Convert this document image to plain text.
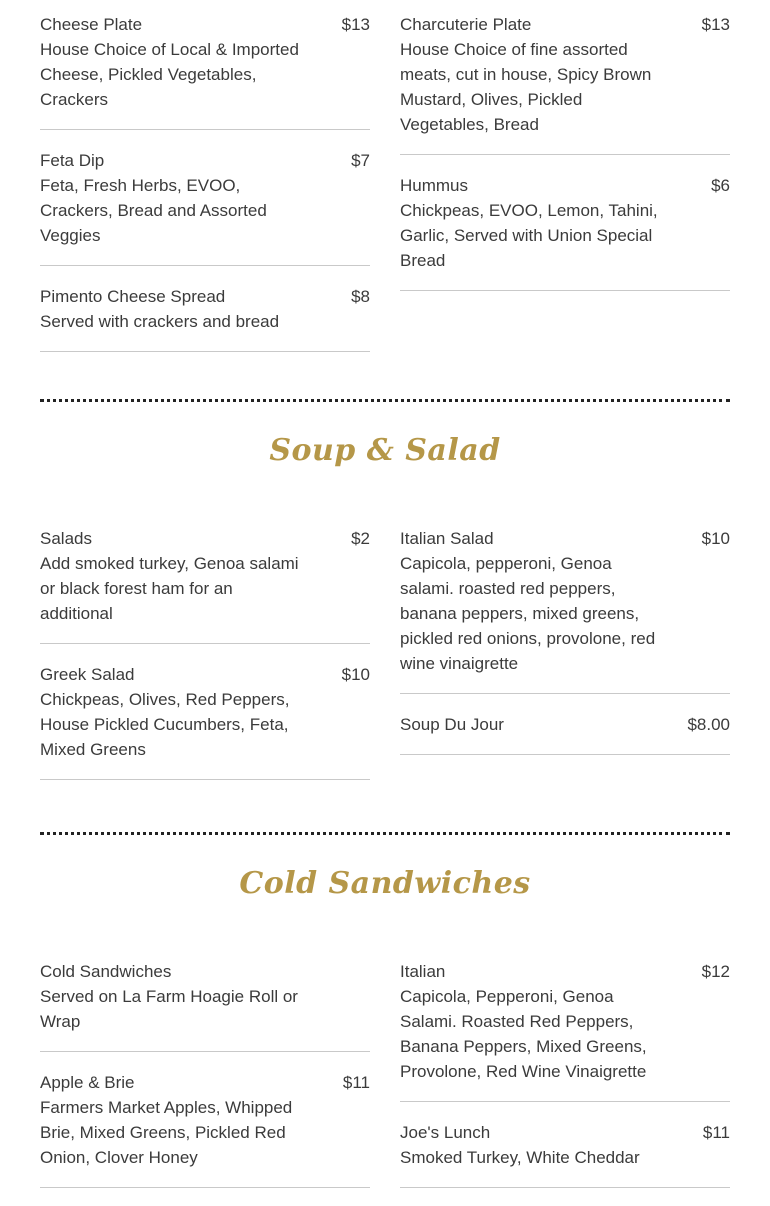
Cheese Plate	$13
House Choice of Local & Imported Cheese, Pickled Vegetables, Crackers
Feta Dip	$7
Feta, Fresh Herbs, EVOO, Crackers, Bread and Assorted Veggies
Pimento Cheese Spread	$8
Served with crackers and bread
Charcuterie Plate	$13
House Choice of fine assorted meats, cut in house, Spicy Brown Mustard, Olives, Pickled Vegetables, Bread
Hummus	$6
Chickpeas, EVOO, Lemon, Tahini, Garlic, Served with Union Special Bread
Soup & Salad
Salads	$2
Add smoked turkey, Genoa salami or black forest ham for an additional
Greek Salad	$10
Chickpeas, Olives, Red Peppers, House Pickled Cucumbers, Feta, Mixed Greens
Italian Salad	$10
Capicola, pepperoni, Genoa salami. roasted red peppers, banana peppers, mixed greens, pickled red onions, provolone, red wine vinaigrette
Soup Du Jour	$8.00
Cold Sandwiches
Cold Sandwiches
Served on La Farm Hoagie Roll or Wrap
Apple & Brie	$11
Farmers Market Apples, Whipped Brie, Mixed Greens, Pickled Red Onion, Clover Honey
Italian	$12
Capicola, Pepperoni, Genoa Salami. Roasted Red Peppers, Banana Peppers, Mixed Greens, Provolone, Red Wine Vinaigrette
Joe's Lunch	$11
Smoked Turkey, White Cheddar
